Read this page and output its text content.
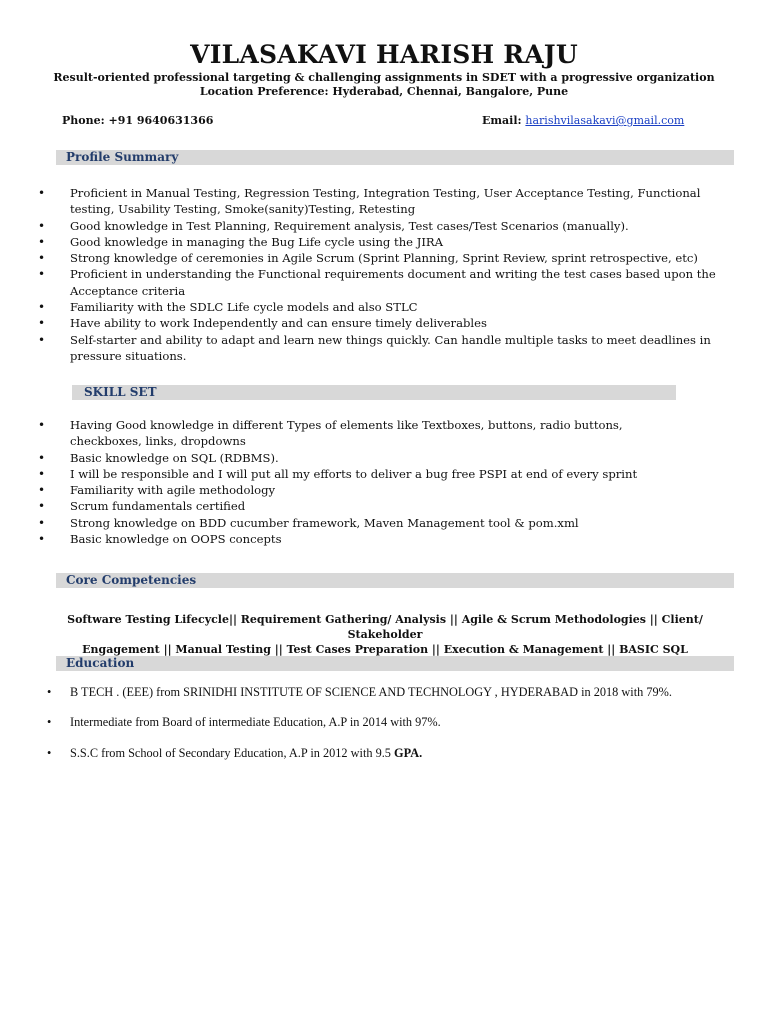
VILASAKAVI HARISH RAJU
Result-oriented professional targeting & challenging assignments in SDET with a progressive organization
Location Preference: Hyderabad, Chennai, Bangalore, Pune
Phone: +91 9640631366	Email: harishvilasakavi@gmail.com
Profile Summary
• Proficient in Manual Testing, Regression Testing, Integration Testing, User Acceptance Testing, Functional testing, Usability Testing, Smoke(sanity)Testing, Retesting
• Good knowledge in Test Planning, Requirement analysis, Test cases/Test Scenarios (manually).
• Good knowledge in managing the Bug Life cycle using the JIRA
• Strong knowledge of ceremonies in Agile Scrum (Sprint Planning, Sprint Review, sprint retrospective, etc)
• Proficient in understanding the Functional requirements document and writing the test cases based upon the Acceptance criteria
• Familiarity with the SDLC Life cycle models and also STLC
• Have ability to work Independently and can ensure timely deliverables
• Self-starter and ability to adapt and learn new things quickly. Can handle multiple tasks to meet deadlines in pressure situations.
SKILL SET
• Having Good knowledge in different Types of elements like Textboxes, buttons, radio buttons, checkboxes, links, dropdowns
• Basic knowledge on SQL (RDBMS).
• I will be responsible and I will put all my efforts to deliver a bug free PSPI at end of every sprint
• Familiarity with agile methodology
• Scrum fundamentals certified
• Strong knowledge on BDD cucumber framework, Maven Management tool & pom.xml
• Basic knowledge on OOPS concepts
Core Competencies
Software Testing Lifecycle|| Requirement Gathering/ Analysis || Agile & Scrum Methodologies || Client/ Stakeholder
Engagement || Manual Testing || Test Cases Preparation || Execution & Management || BASIC SQL
Education
• B TECH . (EEE) from SRINIDHI INSTITUTE OF SCIENCE AND TECHNOLOGY , HYDERABAD in 2018 with 79%.
• Intermediate from Board of intermediate Education, A.P in 2014 with 97%.
• S.S.C from School of Secondary Education, A.P in 2012 with 9.5 GPA.
